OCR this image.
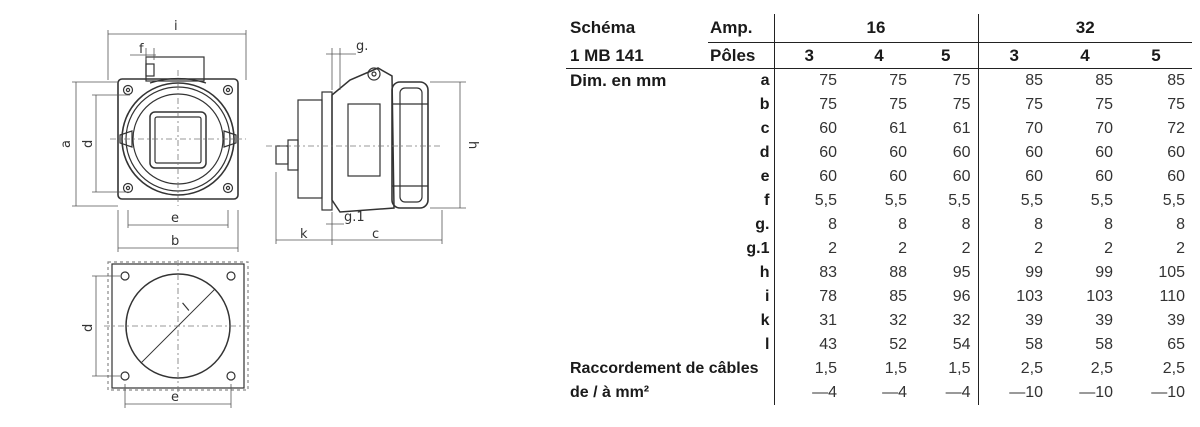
i
f
a d
e
b
g.
h
g.1
k	c
d
e
l
Schéma	Amp.	16			32		
1 MB 141	Pôles	3	4	5	3	4	5
Dim. en mm	a	75	75	75	85	85	85
	b	75	75	75	75	75	75
	c	60	61	61	70	70	72
	d	60	60	60	60	60	60
	e	60	60	60	60	60	60
	f	5,5	5,5	5,5	5,5	5,5	5,5
	g.	8	8	8	8	8	8
	g.1	2	2	2	2	2	2
	h	83	88	95	99	99	105
	i	78	85	96	103	103	110
	k	31	32	32	39	39	39
	l	43	52	54	58	58	65
Raccordement de câbles		1,5	1,5	1,5	2,5	2,5	2,5
de / à mm²		—4	—4	—4	—10	—10	—10
